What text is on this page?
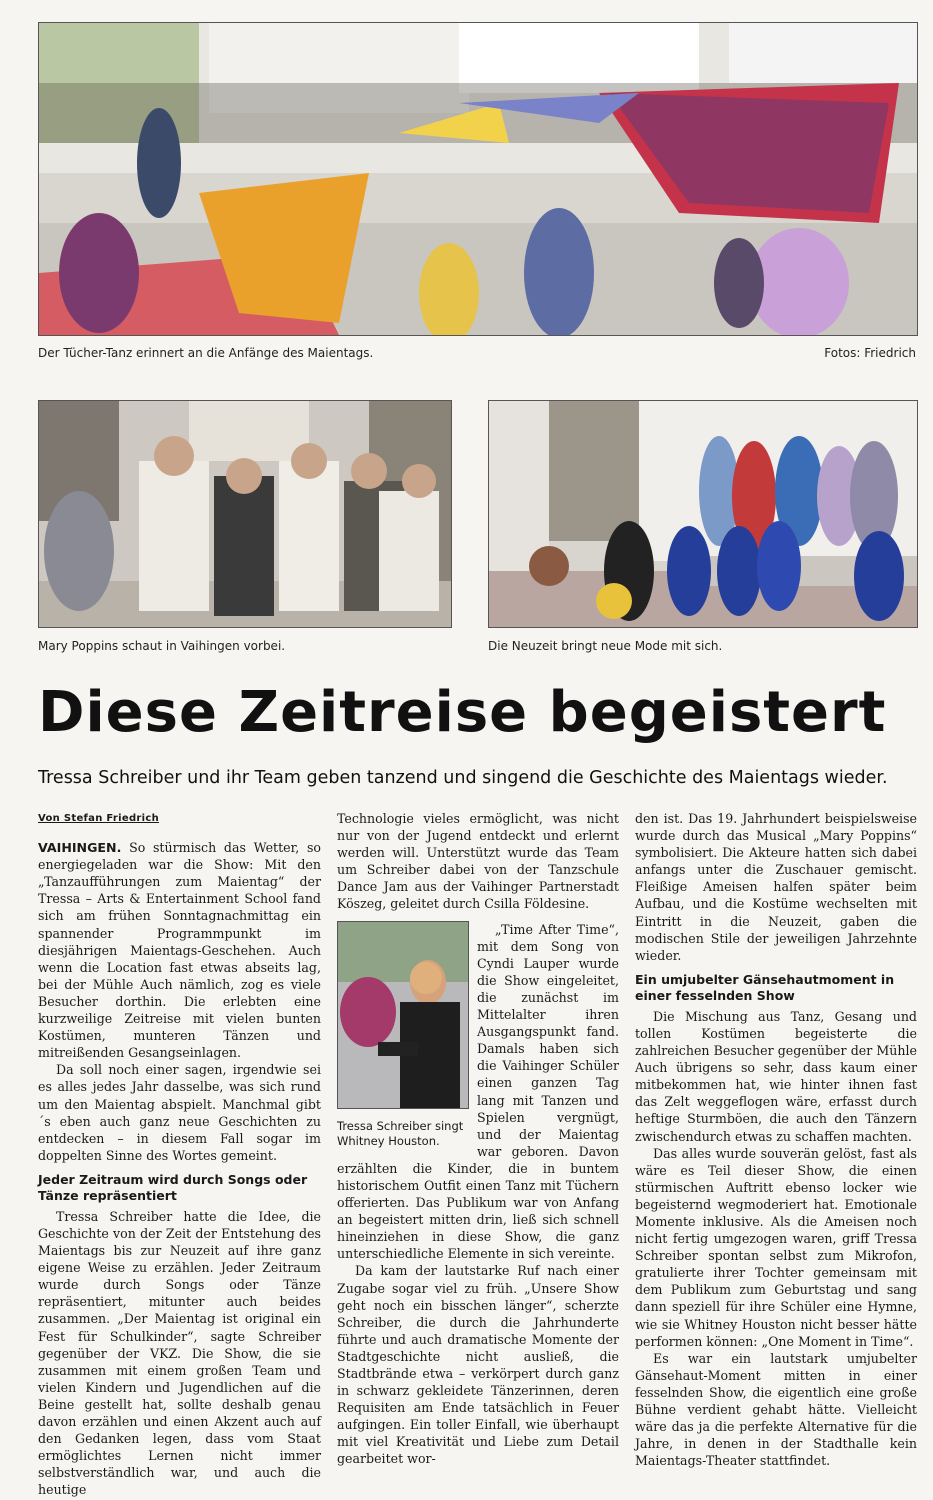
Der Tücher-Tanz erinnert an die Anfänge des Maientags.	Fotos: Friedrich
Mary Poppins schaut in Vaihingen vorbei.	Die Neuzeit bringt neue Mode mit sich.
Diese Zeitreise begeistert
Tressa Schreiber und ihr Team geben tanzend und singend die Geschichte des Maientags wieder.
Von Stefan Friedrich

VAIHINGEN. So stürmisch das Wetter, so energiegeladen war die Show: Mit den „Tanzaufführungen zum Maientag“ der Tressa – Arts & Entertainment School fand sich am frühen Sonntagnachmittag ein spannender Programmpunkt im diesjährigen Maientags-Geschehen. Auch wenn die Location fast etwas abseits lag, bei der Mühle Auch nämlich, zog es viele Besucher dorthin. Die erlebten eine kurzweilige Zeitreise mit vielen bunten Kostümen, munteren Tänzen und mitreißenden Gesangseinlagen.

Da soll noch einer sagen, irgendwie sei es alles jedes Jahr dasselbe, was sich rund um den Maientag abspielt. Manchmal gibt´s eben auch ganz neue Geschichten zu entdecken – in diesem Fall sogar im doppelten Sinne des Wortes gemeint.

Jeder Zeitraum wird durch Songs oder Tänze repräsentiert

Tressa Schreiber hatte die Idee, die Geschichte von der Zeit der Entstehung des Maientags bis zur Neuzeit auf ihre ganz eigene Weise zu erzählen. Jeder Zeitraum wurde durch Songs oder Tänze repräsentiert, mitunter auch beides zusammen. „Der Maientag ist original ein Fest für Schulkinder“, sagte Schreiber gegenüber der VKZ. Die Show, die sie zusammen mit einem großen Team und vielen Kindern und Jugendlichen auf die Beine gestellt hat, sollte deshalb genau davon erzählen und einen Akzent auch auf den Gedanken legen, dass vom Staat ermöglichtes Lernen nicht immer selbstverständlich war, und auch die heutige

Technologie vieles ermöglicht, was nicht nur von der Jugend entdeckt und erlernt werden will. Unterstützt wurde das Team um Schreiber dabei von der Tanzschule Dance Jam aus der Vaihinger Partnerstadt Köszeg, geleitet durch Csilla Földesine.

Tressa Schreiber singt Whitney Houston.

„Time After Time“, mit dem Song von Cyndi Lauper wurde die Show eingeleitet, die zunächst im Mittelalter ihren Ausgangspunkt fand. Damals haben sich die Vaihinger Schüler einen ganzen Tag lang mit Tanzen und Spielen vergnügt, und der Maientag war geboren. Davon erzählten die Kinder, die in buntem historischem Outfit einen Tanz mit Tüchern offerierten. Das Publikum war von Anfang an begeistert mitten drin, ließ sich schnell hineinziehen in diese Show, die ganz unterschiedliche Elemente in sich vereinte.

Da kam der lautstarke Ruf nach einer Zugabe sogar viel zu früh. „Unsere Show geht noch ein bisschen länger“, scherzte Schreiber, die durch die Jahrhunderte führte und auch dramatische Momente der Stadtgeschichte nicht ausließ, die Stadtbrände etwa – verkörpert durch ganz in schwarz gekleidete Tänzerinnen, deren Requisiten am Ende tatsächlich in Feuer aufgingen. Ein toller Einfall, wie überhaupt mit viel Kreativität und Liebe zum Detail gearbeitet wor-

den ist. Das 19. Jahrhundert beispielsweise wurde durch das Musical „Mary Poppins“ symbolisiert. Die Akteure hatten sich dabei anfangs unter die Zuschauer gemischt. Fleißige Ameisen halfen später beim Aufbau, und die Kostüme wechselten mit Eintritt in die Neuzeit, gaben die modischen Stile der jeweiligen Jahrzehnte wieder.

Ein umjubelter Gänsehautmoment in einer fesselnden Show

Die Mischung aus Tanz, Gesang und tollen Kostümen begeisterte die zahlreichen Besucher gegenüber der Mühle Auch übrigens so sehr, dass kaum einer mitbekommen hat, wie hinter ihnen fast das Zelt weggeflogen wäre, erfasst durch heftige Sturmböen, die auch den Tänzern zwischendurch etwas zu schaffen machten.

Das alles wurde souverän gelöst, fast als wäre es Teil dieser Show, die einen stürmischen Auftritt ebenso locker wie begeisternd wegmoderiert hat. Emotionale Momente inklusive. Als die Ameisen noch nicht fertig umgezogen waren, griff Tressa Schreiber spontan selbst zum Mikrofon, gratulierte ihrer Tochter gemeinsam mit dem Publikum zum Geburtstag und sang dann speziell für ihre Schüler eine Hymne, wie sie Whitney Houston nicht besser hätte performen können: „One Moment in Time“.

Es war ein lautstark umjubelter Gänsehaut-Moment mitten in einer fesselnden Show, die eigentlich eine große Bühne verdient gehabt hätte. Vielleicht wäre das ja die perfekte Alternative für die Jahre, in denen in der Stadthalle kein Maientags-Theater stattfindet.
